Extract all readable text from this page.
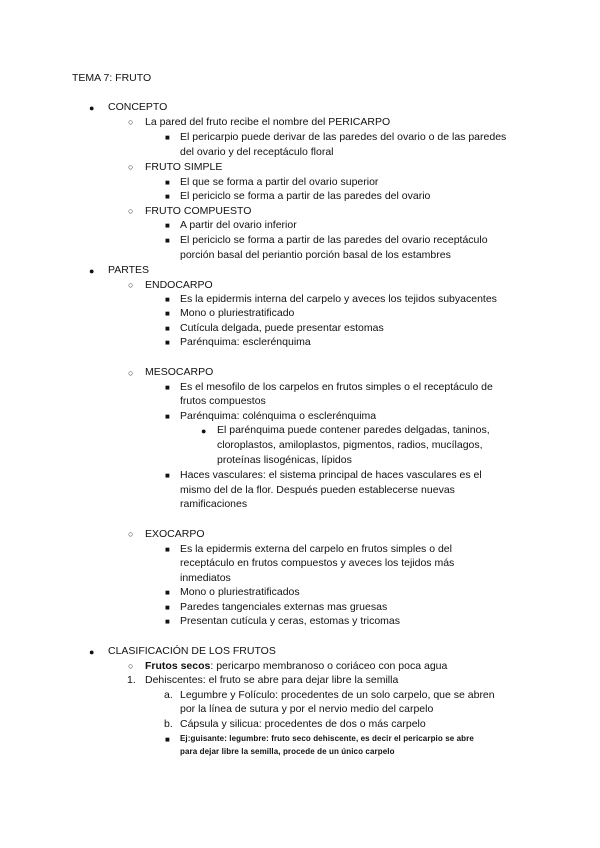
TEMA 7: FRUTO
● CONCEPTO
○ La pared del fruto recibe el nombre del PERICARPO
■ El pericarpio puede derivar de las paredes del ovario o de las paredes
del ovario y del receptáculo floral
○ FRUTO SIMPLE
■ El que se forma a partir del ovario superior
■ El periciclo se forma a partir de las paredes del ovario
○ FRUTO COMPUESTO
■ A partir del ovario inferior
■ El periciclo se forma a partir de las paredes del ovario receptáculo
porción basal del periantio porción basal de los estambres
● PARTES
○ ENDOCARPO
■ Es la epidermis interna del carpelo y aveces los tejidos subyacentes
■ Mono o pluriestratificado
■ Cutícula delgada, puede presentar estomas
■ Parénquima: esclerénquima
○ MESOCARPO
■ Es el mesofilo de los carpelos en frutos simples o el receptáculo de
frutos compuestos
■ Parénquima: colénquima o esclerénquima
● El parénquima puede contener paredes delgadas, taninos,
cloroplastos, amiloplastos, pigmentos, radios, mucílagos,
proteínas lisogénicas, lípidos
■ Haces vasculares: el sistema principal de haces vasculares es el
mismo del de la flor. Después pueden establecerse nuevas
ramificaciones
○ EXOCARPO
■ Es la epidermis externa del carpelo en frutos simples o del
receptáculo en frutos compuestos y aveces los tejidos más
inmediatos
■ Mono o pluriestratificados
■ Paredes tangenciales externas mas gruesas
■ Presentan cutícula y ceras, estomas y tricomas
● CLASIFICACIÓN DE LOS FRUTOS
○ Frutos secos: pericarpo membranoso o coriáceo con poca agua
1. Dehiscentes: el fruto se abre para dejar libre la semilla
a. Legumbre y Folículo: procedentes de un solo carpelo, que se abren
por la línea de sutura y por el nervio medio del carpelo
b. Cápsula y silicua: procedentes de dos o más carpelo
■ Ej:guisante: legumbre: fruto seco dehiscente, es decir el pericarpio se abre
para dejar libre la semilla, procede de un único carpelo
